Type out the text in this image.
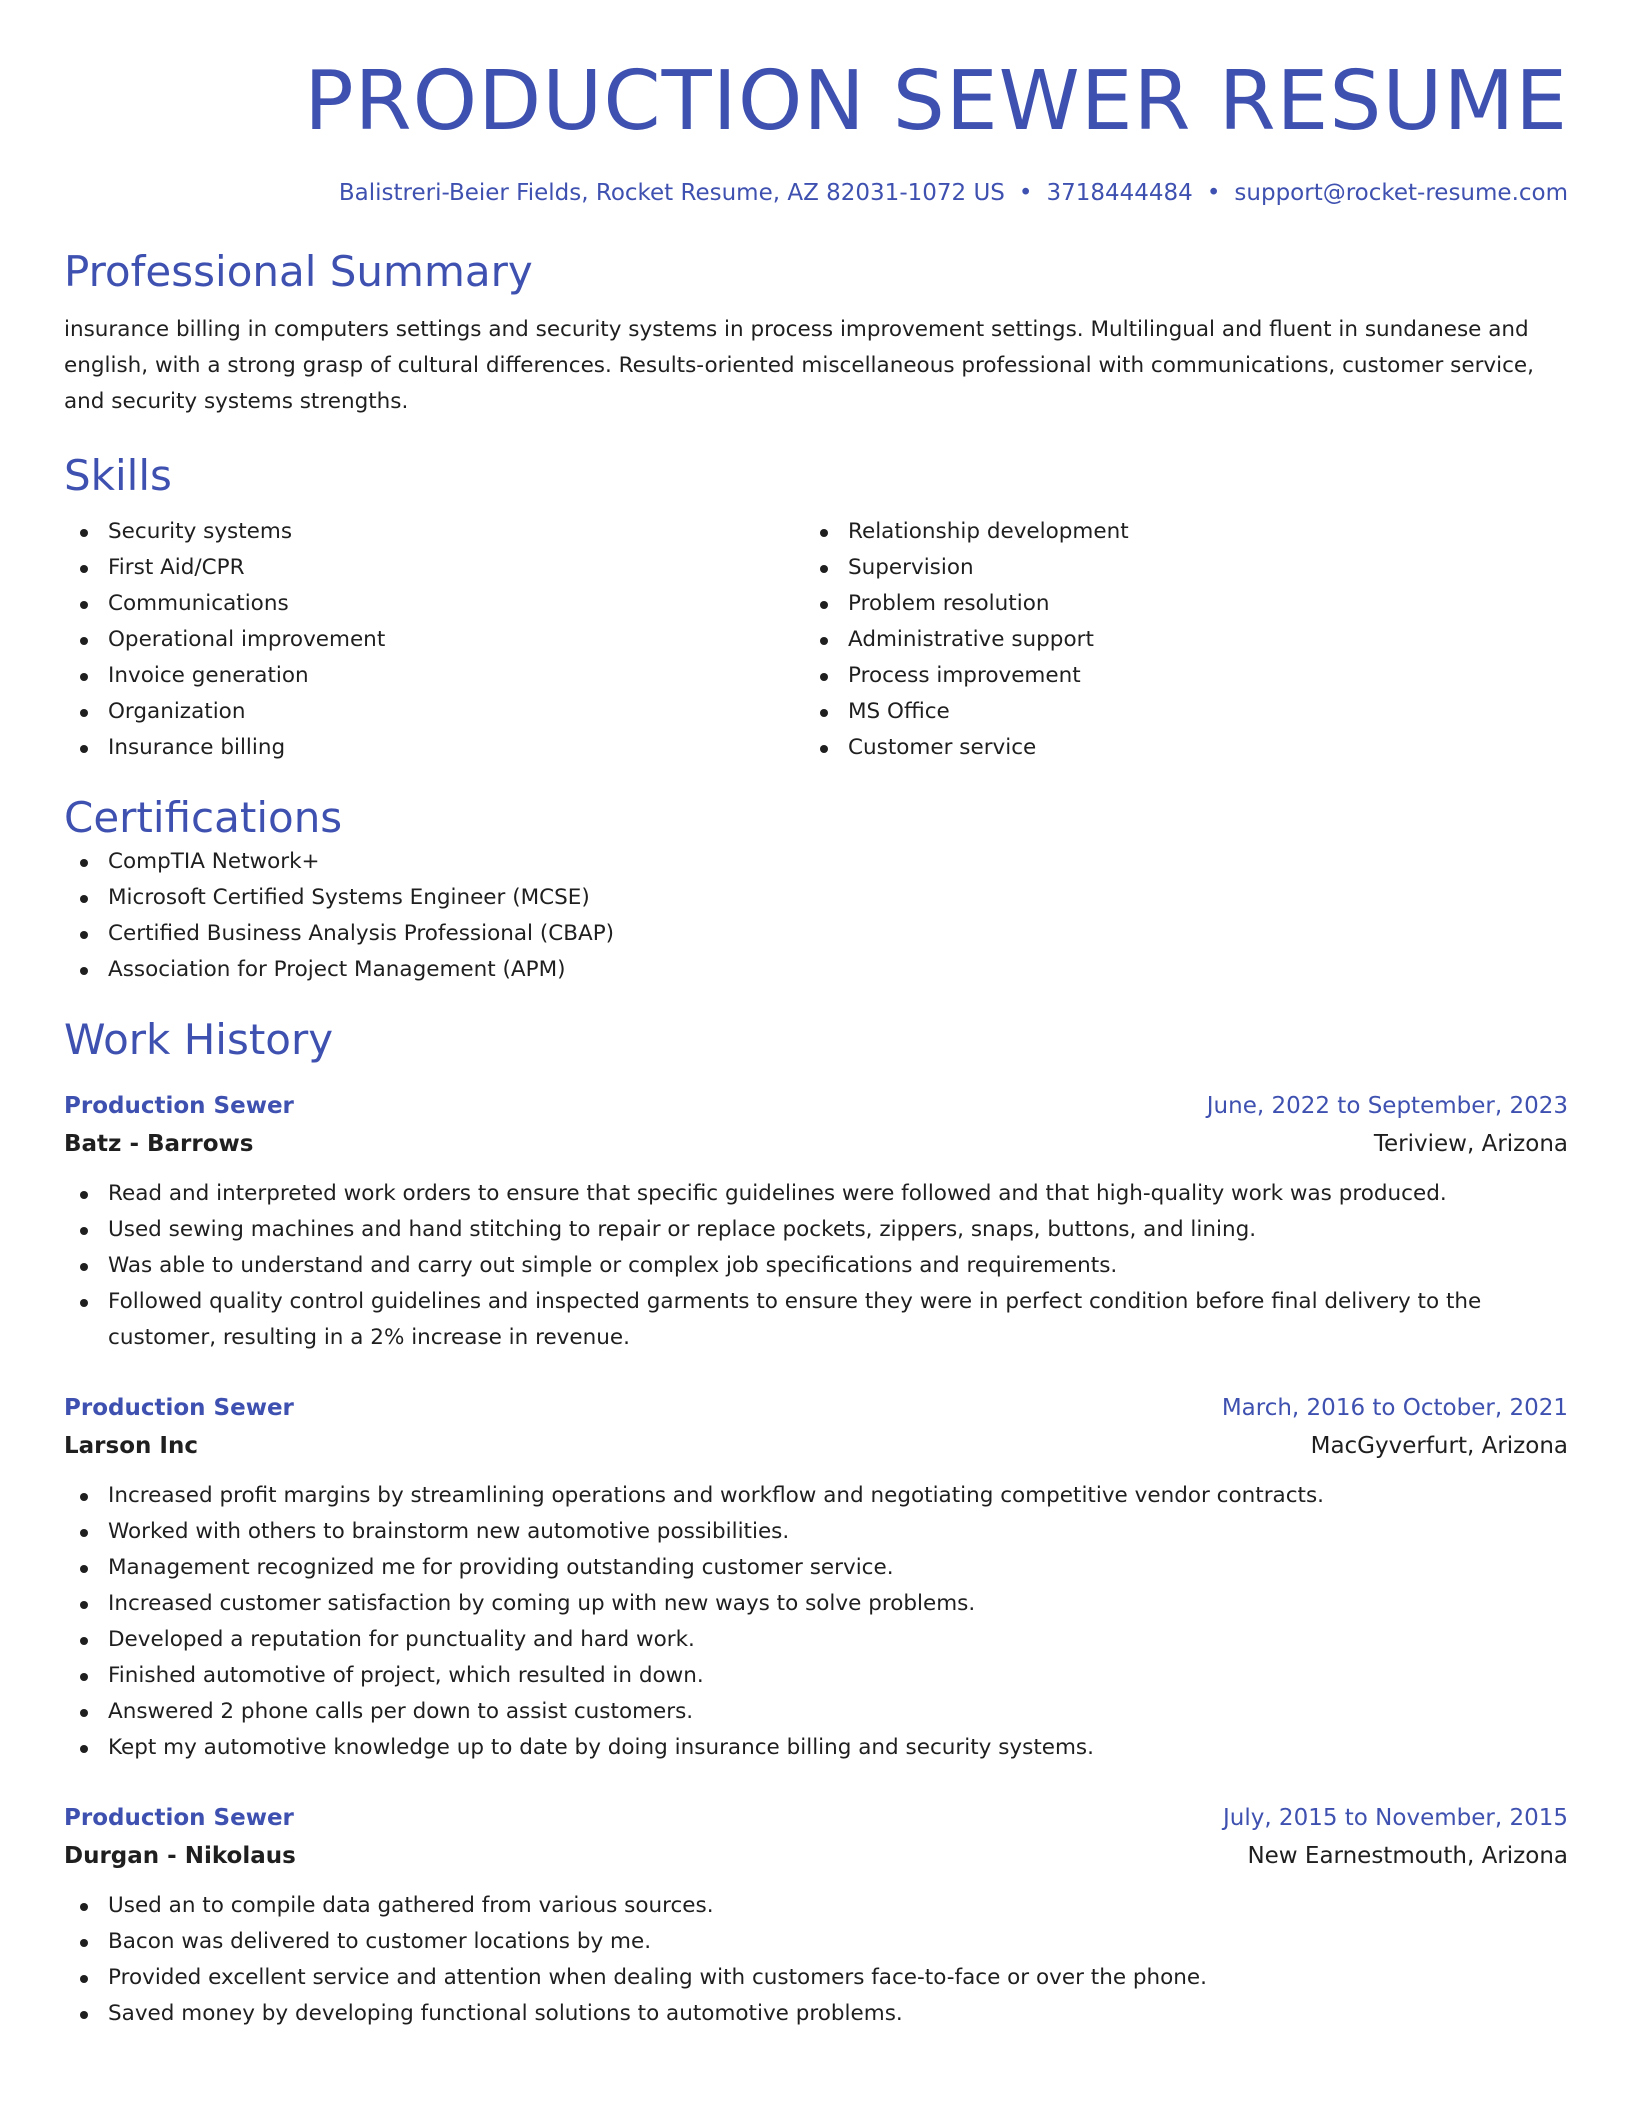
PRODUCTION SEWER RESUME
Balistreri-Beier Fields, Rocket Resume, AZ 82031-1072 US • 3718444484 • support@rocket-resume.com
Professional Summary

insurance billing in computers settings and security systems in process improvement settings. Multilingual and fluent in sundanese and english, with a strong grasp of cultural differences. Results-oriented miscellaneous professional with communications, customer service, and security systems strengths.

Skills
Security systems
First Aid/CPR
Communications
Operational improvement
Invoice generation
Organization
Insurance billing
Relationship development
Supervision
Problem resolution
Administrative support
Process improvement
MS Office
Customer service
Certifications
CompTIA Network+
Microsoft Certified Systems Engineer (MCSE)
Certified Business Analysis Professional (CBAP)
Association for Project Management (APM)
Work History
Production Sewer	June, 2022 to September, 2023
Batz - Barrows	Teriview, Arizona
Read and interpreted work orders to ensure that specific guidelines were followed and that high-quality work was produced.
Used sewing machines and hand stitching to repair or replace pockets, zippers, snaps, buttons, and lining.
Was able to understand and carry out simple or complex job specifications and requirements.
Followed quality control guidelines and inspected garments to ensure they were in perfect condition before final delivery to the customer, resulting in a 2% increase in revenue.
Production Sewer	March, 2016 to October, 2021
Larson Inc	MacGyverfurt, Arizona
Increased profit margins by streamlining operations and workflow and negotiating competitive vendor contracts.
Worked with others to brainstorm new automotive possibilities.
Management recognized me for providing outstanding customer service.
Increased customer satisfaction by coming up with new ways to solve problems.
Developed a reputation for punctuality and hard work.
Finished automotive of project, which resulted in down.
Answered 2 phone calls per down to assist customers.
Kept my automotive knowledge up to date by doing insurance billing and security systems.
Production Sewer	July, 2015 to November, 2015
Durgan - Nikolaus	New Earnestmouth, Arizona
Used an to compile data gathered from various sources.
Bacon was delivered to customer locations by me.
Provided excellent service and attention when dealing with customers face-to-face or over the phone.
Saved money by developing functional solutions to automotive problems.
